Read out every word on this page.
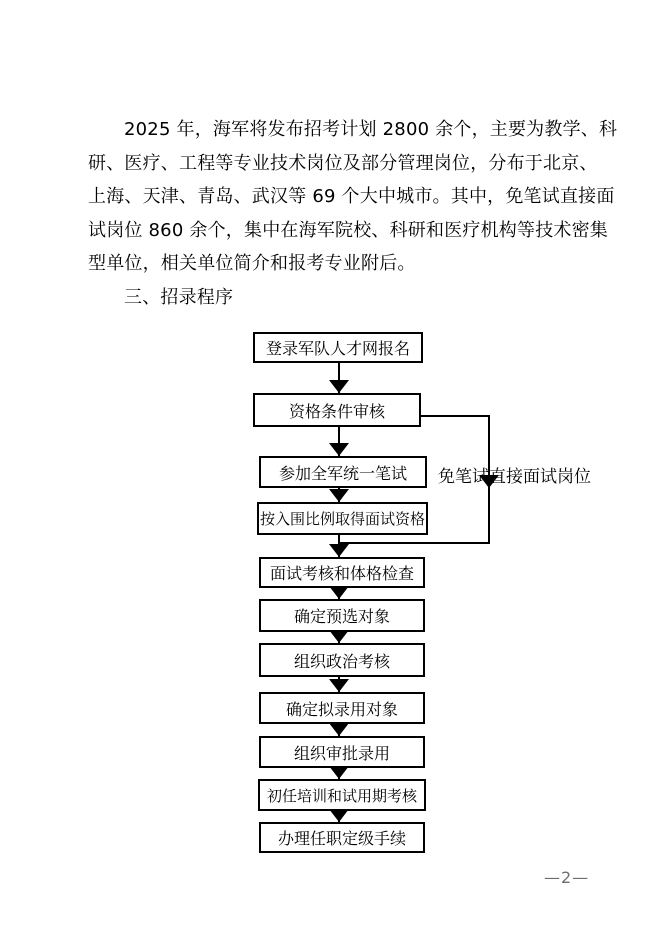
2025 年，海军将发布招考计划 2800 余个，主要为教学、科
研、医疗、工程等专业技术岗位及部分管理岗位，分布于北京、
上海、天津、青岛、武汉等 69 个大中城市。其中，免笔试直接面
试岗位 860 余个，集中在海军院校、科研和医疗机构等技术密集
型单位，相关单位简介和报考专业附后。
三、招录程序
登录军队人才网报名
资格条件审核
参加全军统一笔试
按入围比例取得面试资格
面试考核和体格检查
确定预选对象
组织政治考核
确定拟录用对象
组织审批录用
初任培训和试用期考核
办理任职定级手续
免笔试直接面试岗位
—2—
